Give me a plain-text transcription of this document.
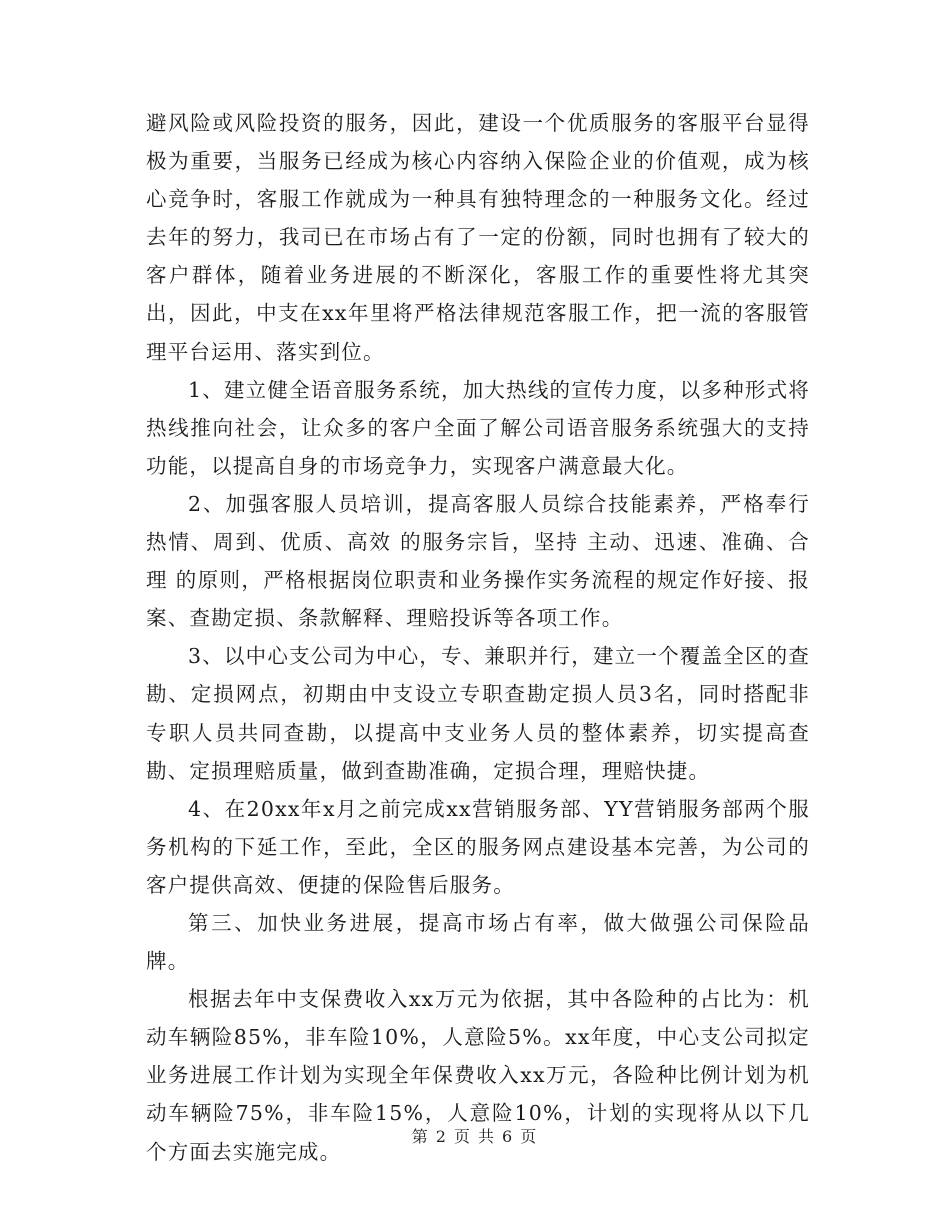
避风险或风险投资的服务，因此，建设一个优质服务的客服平台显得极为重要，当服务已经成为核心内容纳入保险企业的价值观，成为核心竞争时，客服工作就成为一种具有独特理念的一种服务文化。经过去年的努力，我司已在市场占有了一定的份额，同时也拥有了较大的客户群体，随着业务进展的不断深化，客服工作的重要性将尤其突出，因此，中支在xx年里将严格法律规范客服工作，把一流的客服管理平台运用、落实到位。

1、建立健全语音服务系统，加大热线的宣传力度，以多种形式将热线推向社会，让众多的客户全面了解公司语音服务系统强大的支持功能，以提高自身的市场竞争力，实现客户满意最大化。

2、加强客服人员培训，提高客服人员综合技能素养，严格奉行 热情、周到、优质、高效 的服务宗旨，坚持 主动、迅速、准确、合理 的原则，严格根据岗位职责和业务操作实务流程的规定作好接、报案、查勘定损、条款解释、理赔投诉等各项工作。

3、以中心支公司为中心，专、兼职并行，建立一个覆盖全区的查勘、定损网点，初期由中支设立专职查勘定损人员3名，同时搭配非专职人员共同查勘，以提高中支业务人员的整体素养，切实提高查勘、定损理赔质量，做到查勘准确，定损合理，理赔快捷。

4、在20xx年x月之前完成xx营销服务部、YY营销服务部两个服务机构的下延工作，至此，全区的服务网点建设基本完善，为公司的客户提供高效、便捷的保险售后服务。

第三、加快业务进展，提高市场占有率，做大做强公司保险品牌。

根据去年中支保费收入xx万元为依据，其中各险种的占比为：机动车辆险85%，非车险10%，人意险5%。xx年度，中心支公司拟定业务进展工作计划为实现全年保费收入xx万元，各险种比例计划为机动车辆险75%，非车险15%，人意险10%，计划的实现将从以下几个方面去实施完成。

第 2 页 共 6 页
